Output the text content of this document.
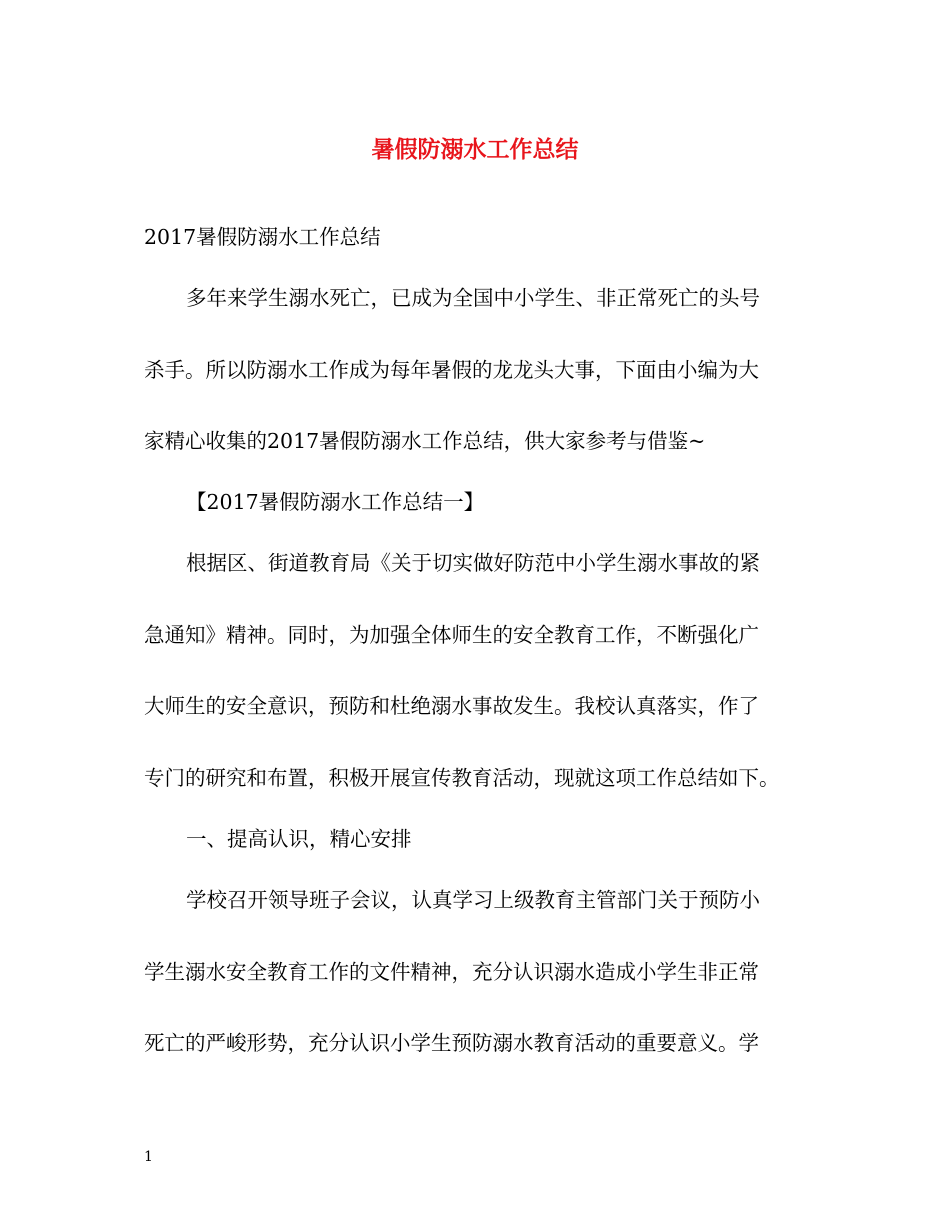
暑假防溺水工作总结
2017暑假防溺水工作总结
多年来学生溺水死亡，已成为全国中小学生、非正常死亡的头号
杀手。所以防溺水工作成为每年暑假的龙龙头大事，下面由小编为大
家精心收集的2017暑假防溺水工作总结，供大家参考与借鉴~
【2017暑假防溺水工作总结一】
根据区、街道教育局《关于切实做好防范中小学生溺水事故的紧
急通知》精神。同时，为加强全体师生的安全教育工作，不断强化广
大师生的安全意识，预防和杜绝溺水事故发生。我校认真落实，作了
专门的研究和布置，积极开展宣传教育活动，现就这项工作总结如下。
一、提高认识，精心安排
学校召开领导班子会议，认真学习上级教育主管部门关于预防小
学生溺水安全教育工作的文件精神，充分认识溺水造成小学生非正常
死亡的严峻形势，充分认识小学生预防溺水教育活动的重要意义。学
1
